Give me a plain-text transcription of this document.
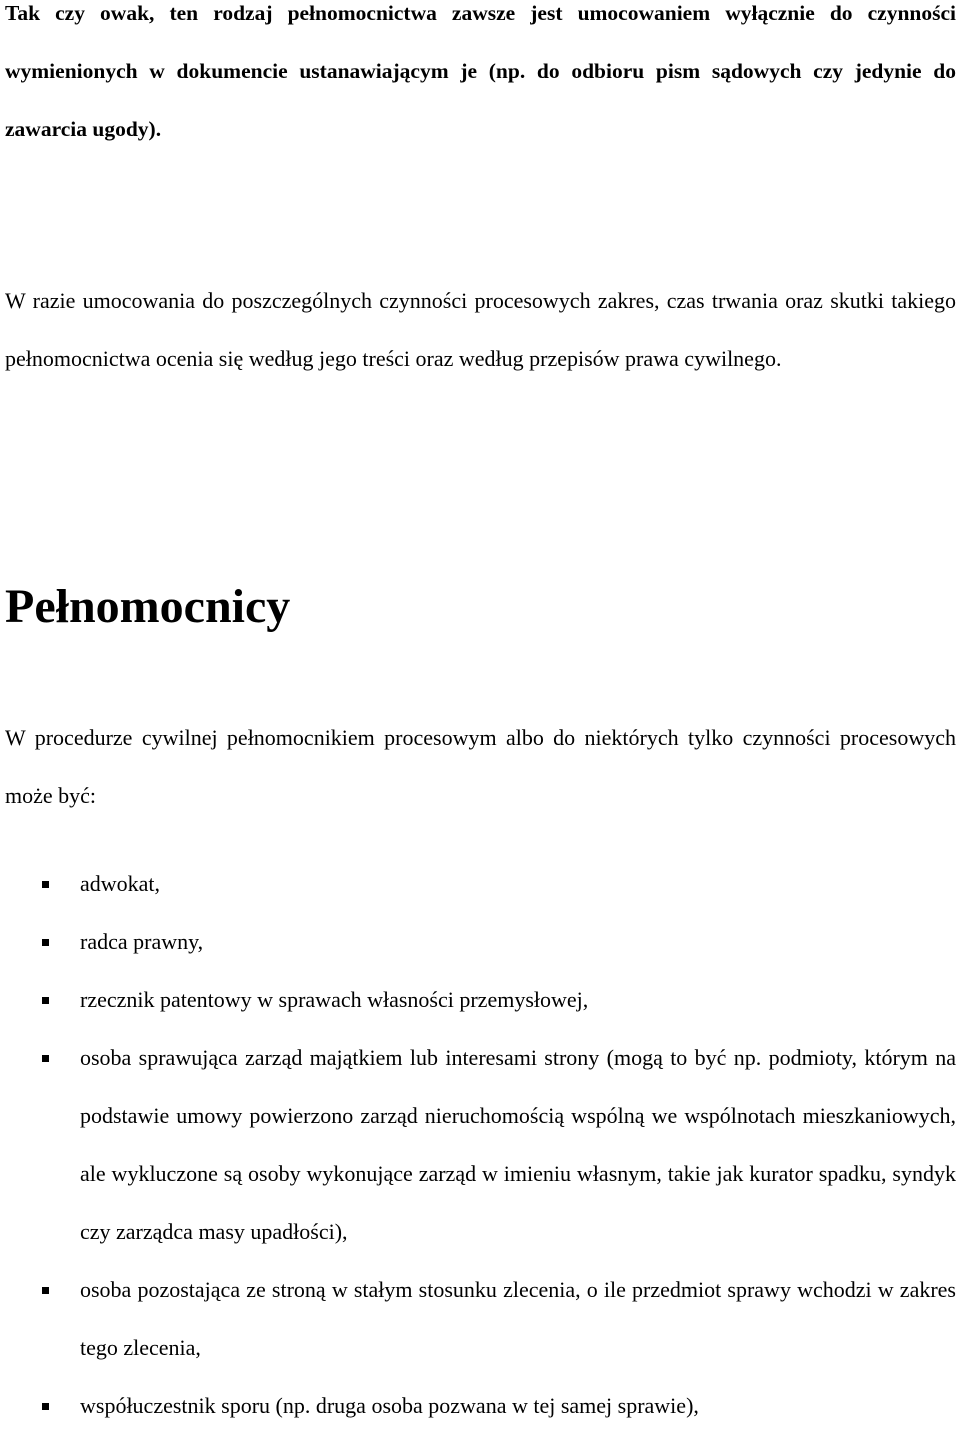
Tak czy owak, ten rodzaj pełnomocnictwa zawsze jest umocowaniem wyłącznie do czynności wymienionych w dokumencie ustanawiającym je (np. do odbioru pism sądowych czy jedynie do zawarcia ugody).

W razie umocowania do poszczególnych czynności procesowych zakres, czas trwania oraz skutki takiego pełnomocnictwa ocenia się według jego treści oraz według przepisów prawa cywilnego.

Pełnomocnicy

W procedurze cywilnej pełnomocnikiem procesowym albo do niektórych tylko czynności procesowych może być:

adwokat,
radca prawny,
rzecznik patentowy w sprawach własności przemysłowej,
osoba sprawująca zarząd majątkiem lub interesami strony (mogą to być np. podmioty, którym na podstawie umowy powierzono zarząd nieruchomością wspólną we wspólnotach mieszkaniowych, ale wykluczone są osoby wykonujące zarząd w imieniu własnym, takie jak kurator spadku, syndyk czy zarządca masy upadłości),
osoba pozostająca ze stroną w stałym stosunku zlecenia, o ile przedmiot sprawy wchodzi w zakres tego zlecenia,
współuczestnik sporu (np. druga osoba pozwana w tej samej sprawie),
